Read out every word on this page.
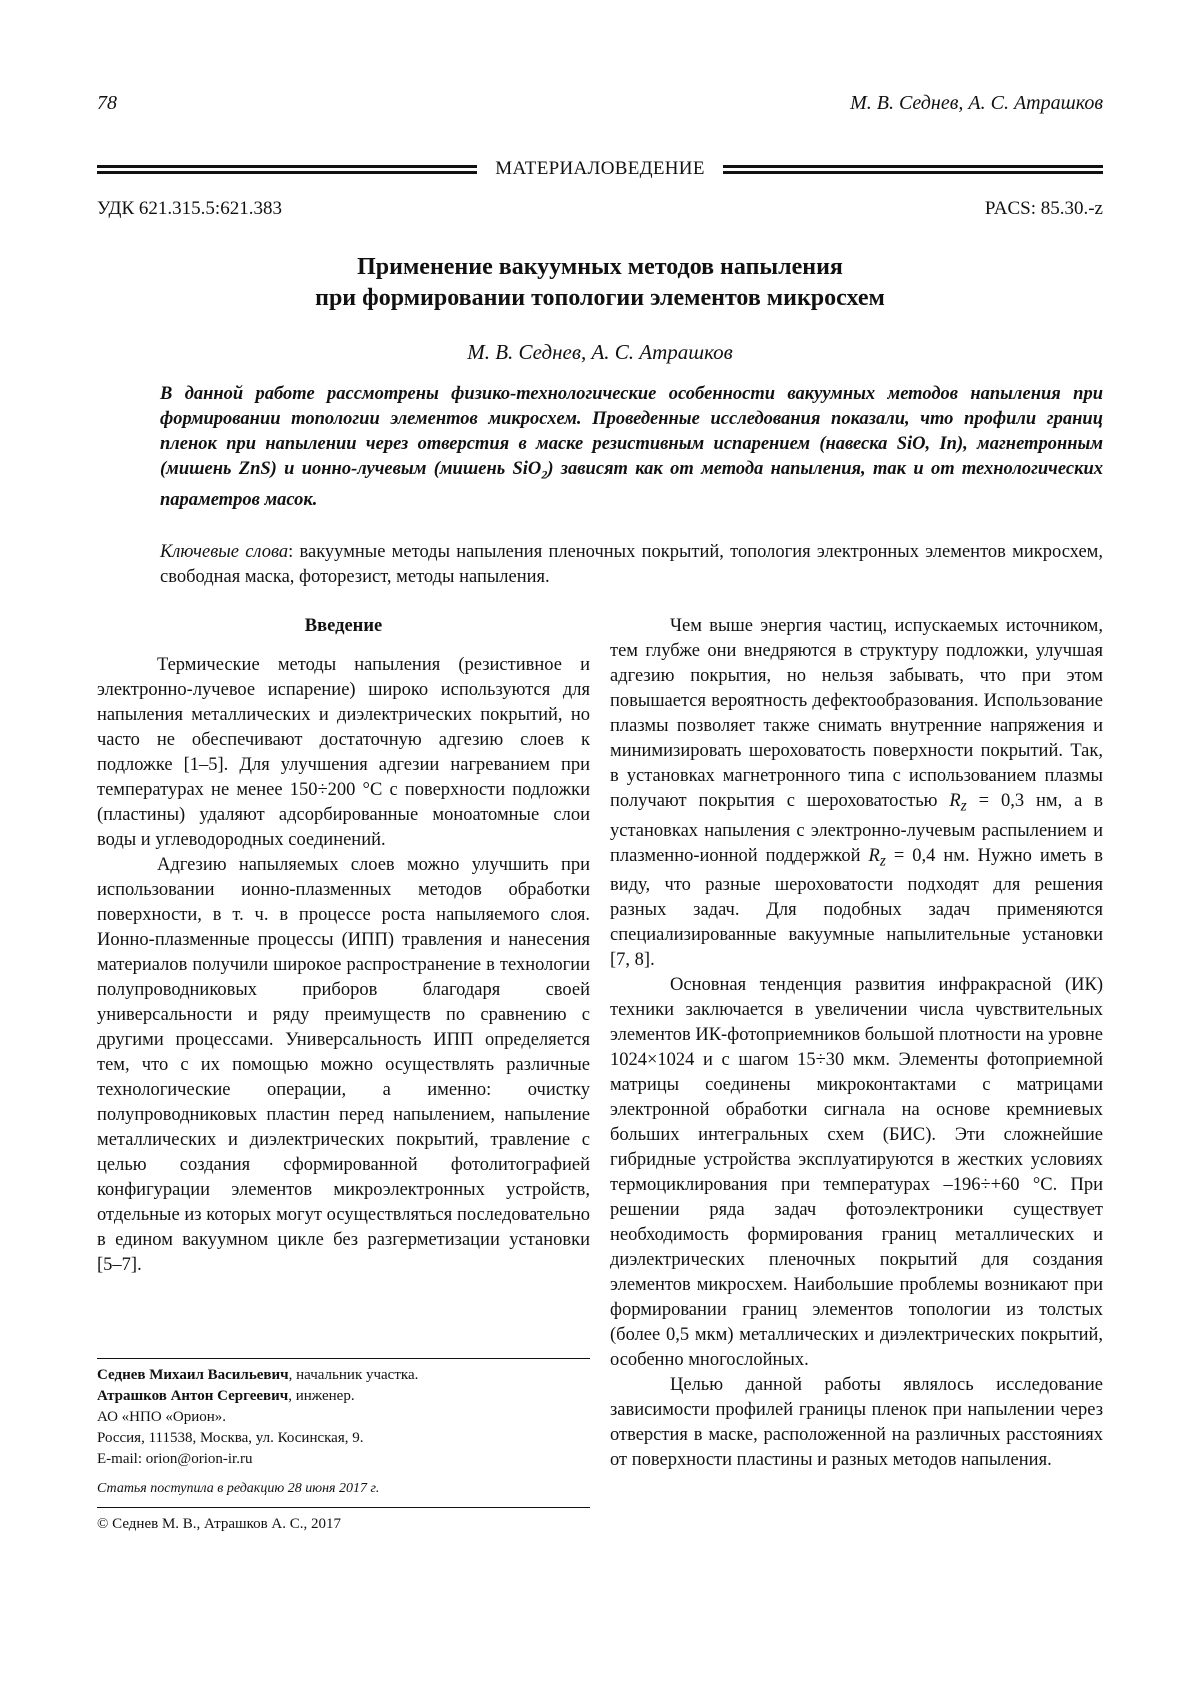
78	М. В. Седнев, А. С. Атрашков
МАТЕРИАЛОВЕДЕНИЕ
УДК 621.315.5:621.383	PACS: 85.30.-z
Применение вакуумных методов напыления
при формировании топологии элементов микросхем
М. В. Седнев, А. С. Атрашков
В данной работе рассмотрены физико-технологические особенности вакуумных методов напыления при формировании топологии элементов микросхем. Проведенные исследования показали, что профили границ пленок при напылении через отверстия в маске резистивным испарением (навеска SiO, In), магнетронным (мишень ZnS) и ионно-лучевым (мишень SiO$_2$) зависят как от метода напыления, так и от технологических параметров масок.
Ключевые слова: вакуумные методы напыления пленочных покрытий, топология электронных элементов микросхем, свободная маска, фоторезист, методы напыления.
Введение

Термические методы напыления (резистивное и электронно-лучевое испарение) широко используются для напыления металлических и диэлектрических покрытий, но часто не обеспечивают достаточную адгезию слоев к подложке [1–5]. Для улучшения адгезии нагреванием при температурах не менее 150÷200 °С с поверхности подложки (пластины) удаляют адсорбированные моноатомные слои воды и углеводородных соединений.

Адгезию напыляемых слоев можно улучшить при использовании ионно-плазменных методов обработки поверхности, в т. ч. в процессе роста напыляемого слоя. Ионно-плазменные процессы (ИПП) травления и нанесения материалов получили широкое распространение в технологии полупроводниковых приборов благодаря своей универсальности и ряду преимуществ по сравнению с другими процессами. Универсальность ИПП определяется тем, что с их помощью можно осуществлять различные технологические операции, а именно: очистку полупроводниковых пластин перед напылением, напыление металлических и диэлектрических покрытий, травление с целью создания сформированной фотолитографией конфигурации элементов микроэлектронных устройств, отдельные из которых могут осуществляться последовательно в едином вакуумном цикле без разгерметизации установки [5–7].

Чем выше энергия частиц, испускаемых источником, тем глубже они внедряются в структуру подложки, улучшая адгезию покрытия, но нельзя забывать, что при этом повышается вероятность дефектообразования. Использование плазмы позволяет также снимать внутренние напряжения и минимизировать шероховатость поверхности покрытий. Так, в установках магнетронного типа с использованием плазмы получают покрытия с шероховатостью $R_z = 0,3$ нм, а в установках напыления с электронно-лучевым распылением и плазменно-ионной поддержкой $R_z = 0,4$ нм. Нужно иметь в виду, что разные шероховатости подходят для решения разных задач. Для подобных задач применяются специализированные вакуумные напылительные установки [7, 8].

Основная тенденция развития инфракрасной (ИК) техники заключается в увеличении числа чувствительных элементов ИК-фотоприемников большой плотности на уровне 1024×1024 и с шагом 15÷30 мкм. Элементы фотоприемной матрицы соединены микроконтактами с матрицами электронной обработки сигнала на основе кремниевых больших интегральных схем (БИС). Эти сложнейшие гибридные устройства эксплуатируются в жестких условиях термоциклирования при температурах –196÷+60 °С. При решении ряда задач фотоэлектроники существует необходимость формирования границ металлических и диэлектрических пленочных покрытий для создания элементов микросхем. Наибольшие проблемы возникают при формировании границ элементов топологии из толстых (более 0,5 мкм) металлических и диэлектрических покрытий, особенно многослойных.

Целью данной работы являлось исследование зависимости профилей границы пленок при напылении через отверстия в маске, расположенной на различных расстояниях от поверхности пластины и разных методов напыления.

Седнев Михаил Васильевич, начальник участка.
Атрашков Антон Сергеевич, инженер.
АО «НПО «Орион».
Россия, 111538, Москва, ул. Косинская, 9.
E-mail: orion@orion-ir.ru
Статья поступила в редакцию 28 июня 2017 г.
© Седнев М. В., Атрашков А. С., 2017
